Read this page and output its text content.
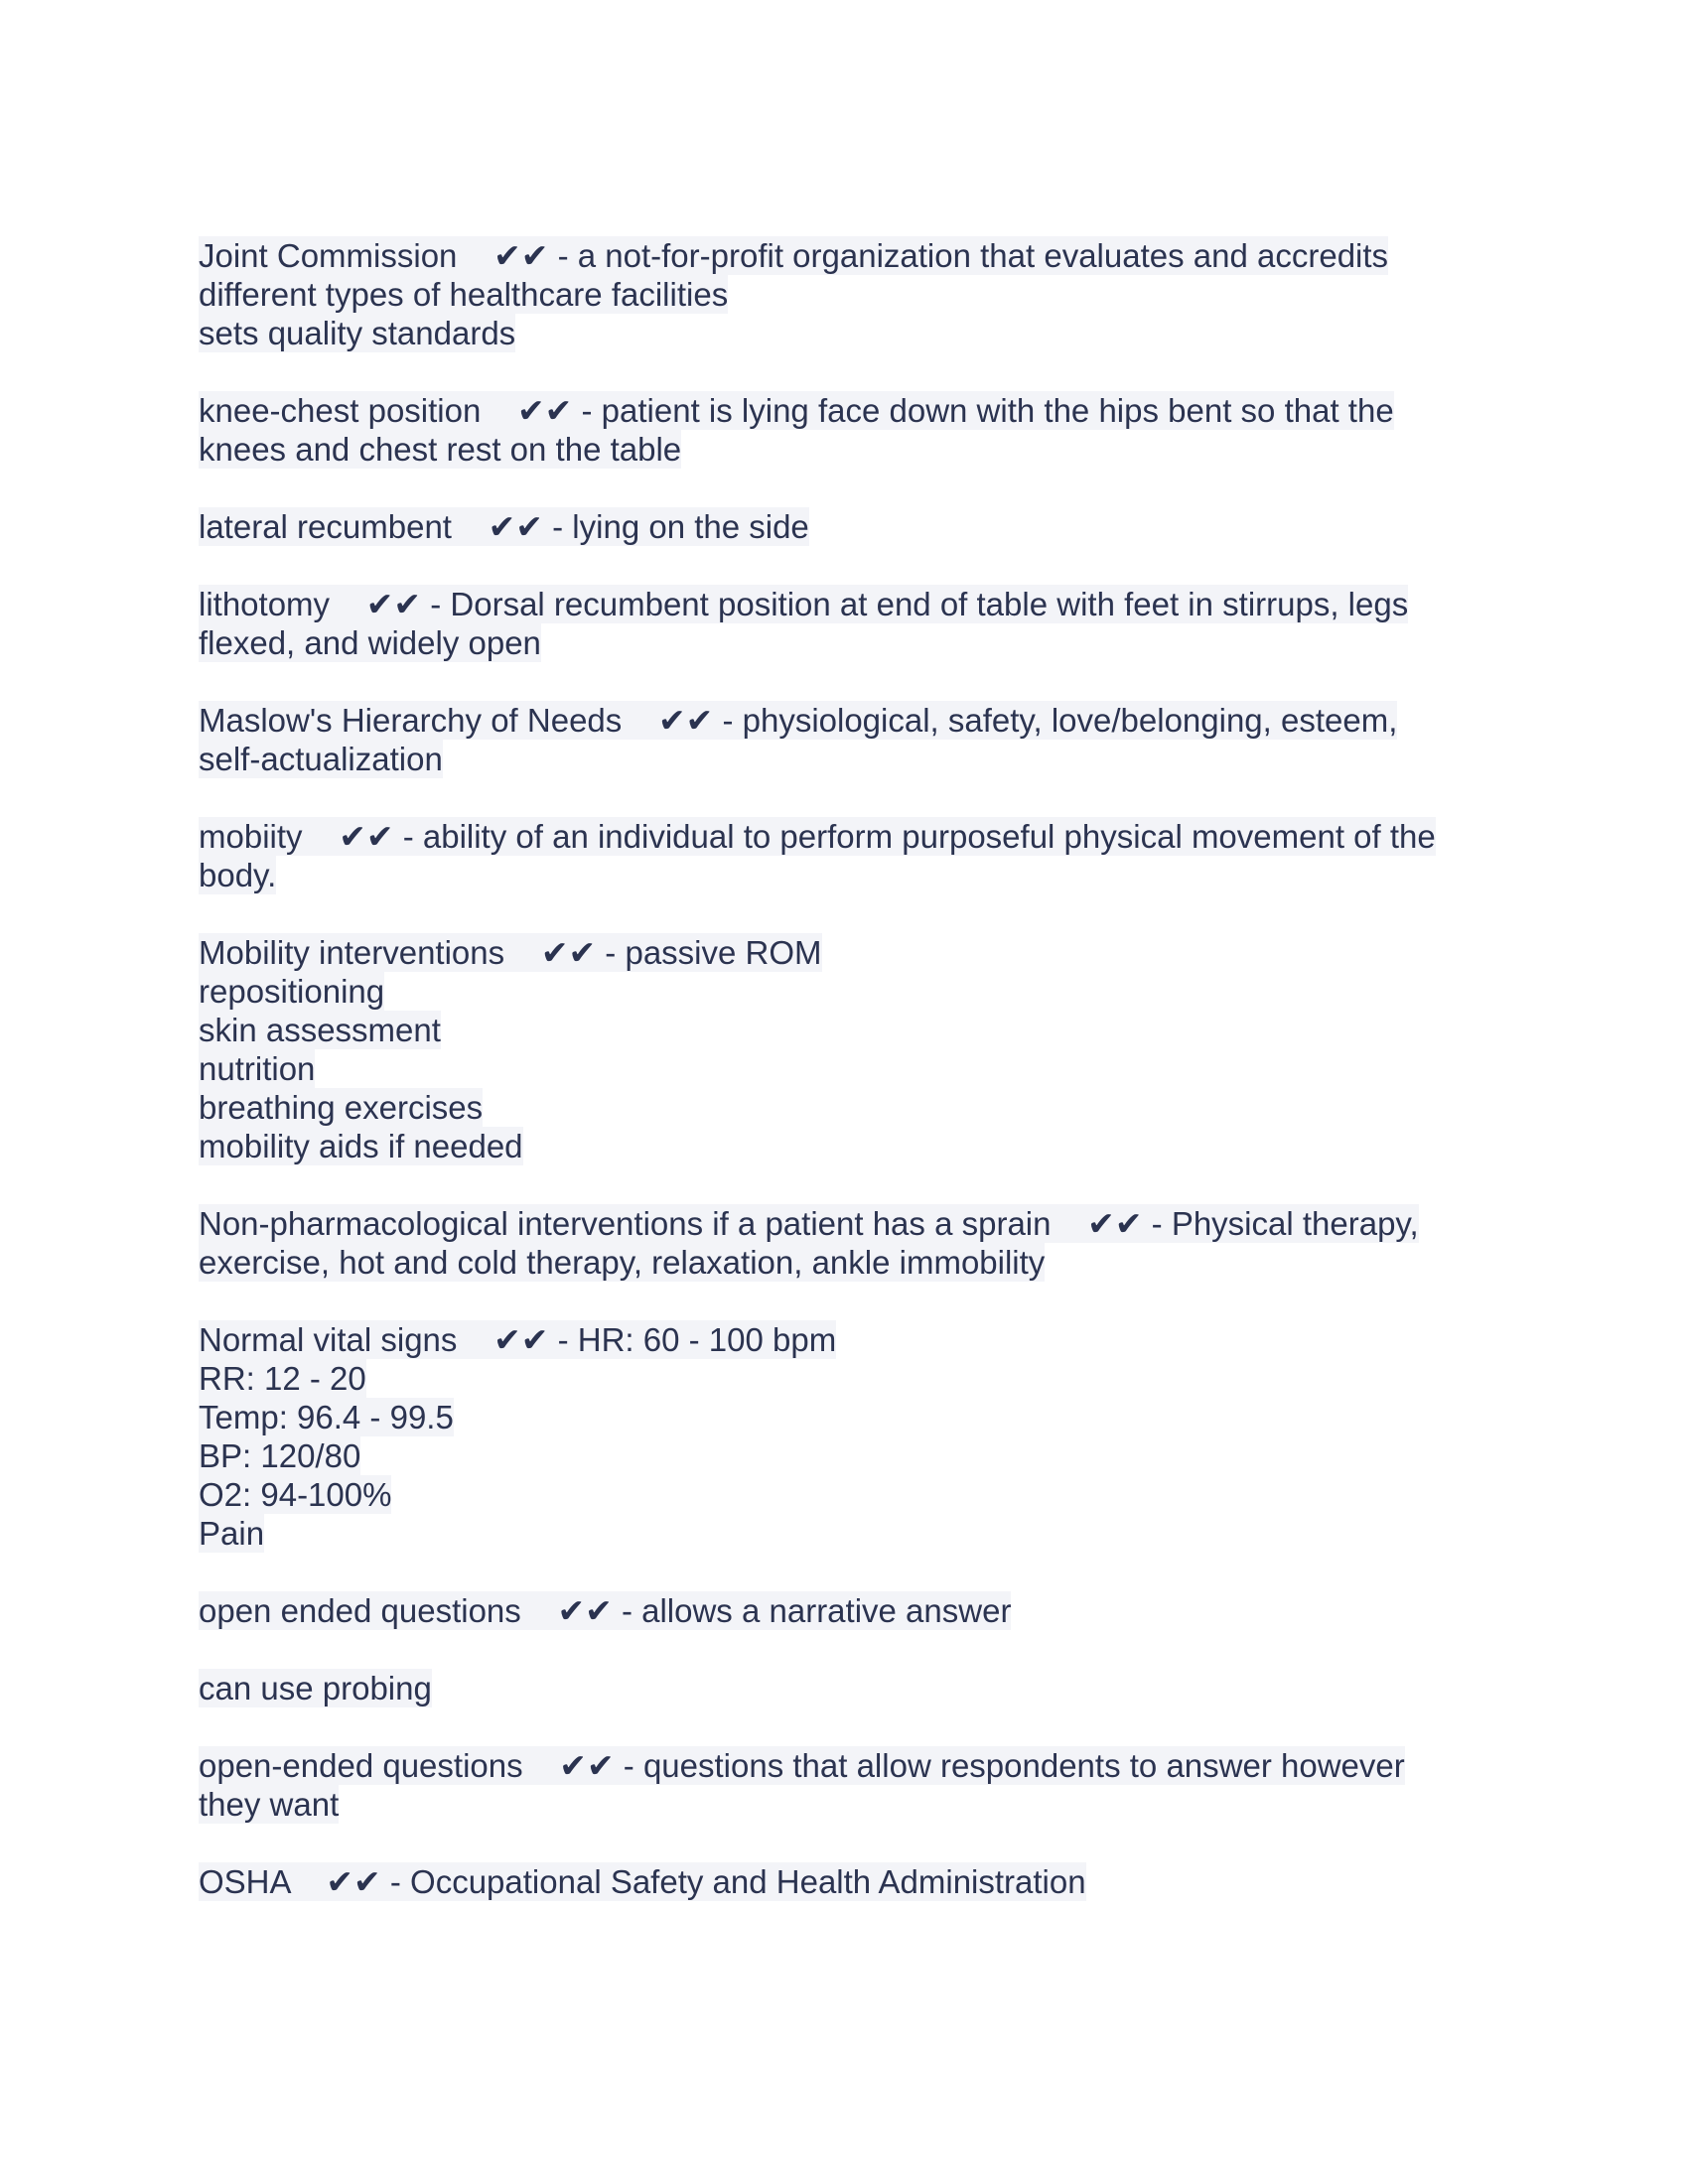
Joint Commission ✔✔ - a not-for-profit organization that evaluates and accredits
different types of healthcare facilities
sets quality standards
knee-chest position ✔✔ - patient is lying face down with the hips bent so that the
knees and chest rest on the table
lateral recumbent ✔✔ - lying on the side
lithotomy ✔✔ - Dorsal recumbent position at end of table with feet in stirrups, legs
flexed, and widely open
Maslow's Hierarchy of Needs ✔✔ - physiological, safety, love/belonging, esteem,
self-actualization
mobiity ✔✔ - ability of an individual to perform purposeful physical movement of the
body.
Mobility interventions ✔✔ - passive ROM
repositioning
skin assessment
nutrition
breathing exercises
mobility aids if needed
Non-pharmacological interventions if a patient has a sprain ✔✔ - Physical therapy,
exercise, hot and cold therapy, relaxation, ankle immobility
Normal vital signs ✔✔ - HR: 60 - 100 bpm
RR: 12 - 20
Temp: 96.4 - 99.5
BP: 120/80
O2: 94-100%
Pain
open ended questions ✔✔ - allows a narrative answer
can use probing
open-ended questions ✔✔ - questions that allow respondents to answer however
they want
OSHA ✔✔ - Occupational Safety and Health Administration
